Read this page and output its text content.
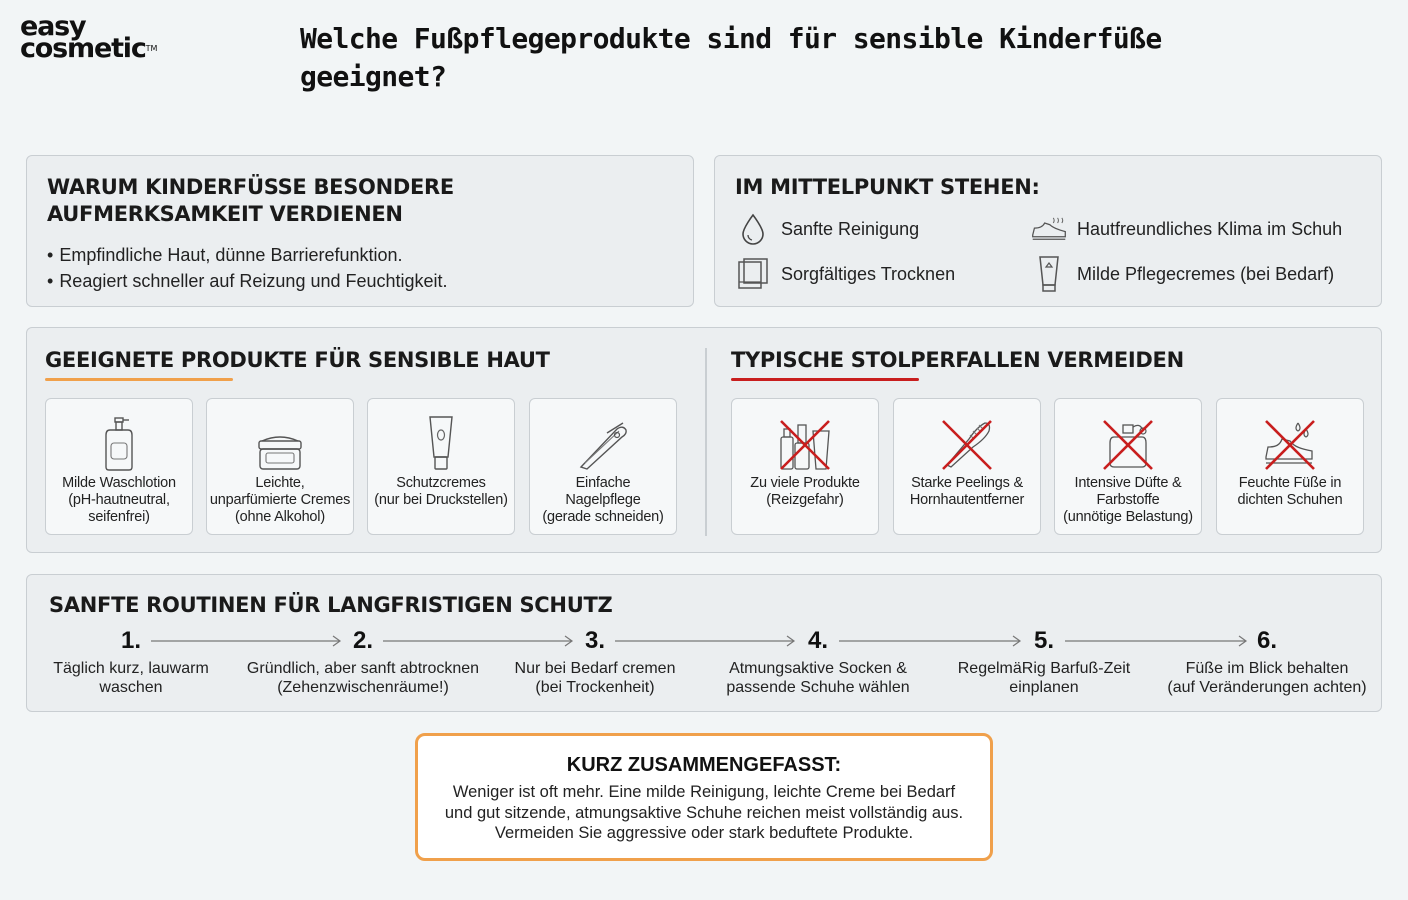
easy
cosmetic™	Welche Fußpflegeprodukte sind für sensible Kinderfüße geeignet?
WARUM KINDERFÜSSE BESONDERE
AUFMERKSAMKEIT VERDIENEN
• Empfindliche Haut, dünne Barrierefunktion.
• Reagiert schneller auf Reizung und Feuchtigkeit.
IM MITTELPUNKT STEHEN:
Sanfte Reinigung	Hautfreundliches Klima im Schuh
Sorgfältiges Trocknen	Milde Pflegecremes (bei Bedarf)
GEEIGNETE PRODUKTE FÜR SENSIBLE HAUT	TYPISCHE STOLPERFALLEN VERMEIDEN
Milde Waschlotion
(pH-hautneutral,
seifenfrei)
Leichte,
unparfümierte Cremes
(ohne Alkohol)
Schutzcremes
(nur bei Druckstellen)
Einfache
Nagelpflege
(gerade schneiden)
Zu viele Produkte
(Reizgefahr)
Starke Peelings &
Hornhautentferner
Intensive Düfte &
Farbstoffe
(unnötige Belastung)
Feuchte Füße in
dichten Schuhen
SANFTE ROUTINEN FÜR LANGFRISTIGEN SCHUTZ
1.
Täglich kurz, lauwarm
waschen
2.
Gründlich, aber sanft abtrocknen
(Zehenzwischenräume!)
3.
Nur bei Bedarf cremen
(bei Trockenheit)
4.
Atmungsaktive Socken &
passende Schuhe wählen
5.
RegelmäRig Barfuß-Zeit
einplanen
6.
Füße im Blick behalten
(auf Veränderungen achten)
KURZ ZUSAMMENGEFASST:
Weniger ist oft mehr. Eine milde Reinigung, leichte Creme bei Bedarf
und gut sitzende, atmungsaktive Schuhe reichen meist vollständig aus.
Vermeiden Sie aggressive oder stark beduftete Produkte.
